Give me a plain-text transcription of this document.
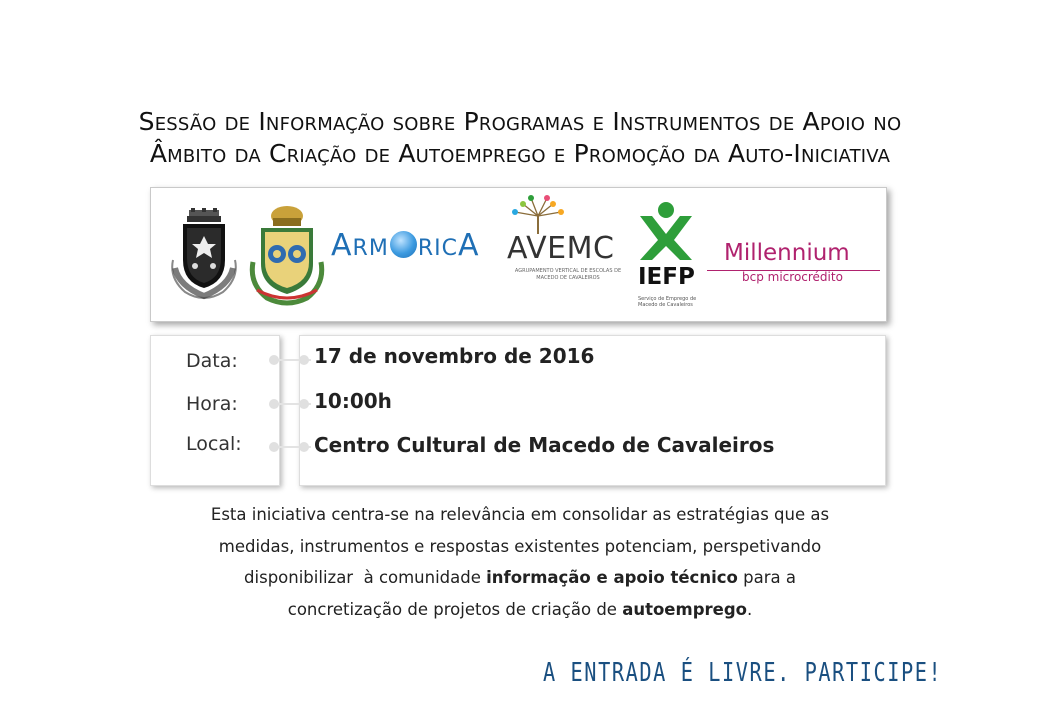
Sessão de Informação sobre Programas e Instrumentos de Apoio no
Âmbito da Criação de Autoemprego e Promoção da Auto-Iniciativa
ARM RICA AVEMC
AGRUPAMENTO VERTICAL DE ESCOLAS DE MACEDO DE CAVALEIROS	IEFP
Serviço de Emprego de Macedo de Cavaleiros
Millennium
bcp microcrédito
Data:
Hora:
Local:
17 de novembro de 2016
10:00h
Centro Cultural de Macedo de Cavaleiros
Esta iniciativa centra-se na relevância em consolidar as estratégias que as
medidas, instrumentos e respostas existentes potenciam, perspetivando
disponibilizar  à comunidade informação e apoio técnico para a
concretização de projetos de criação de autoemprego.
A ENTRADA É LIVRE. PARTICIPE!
